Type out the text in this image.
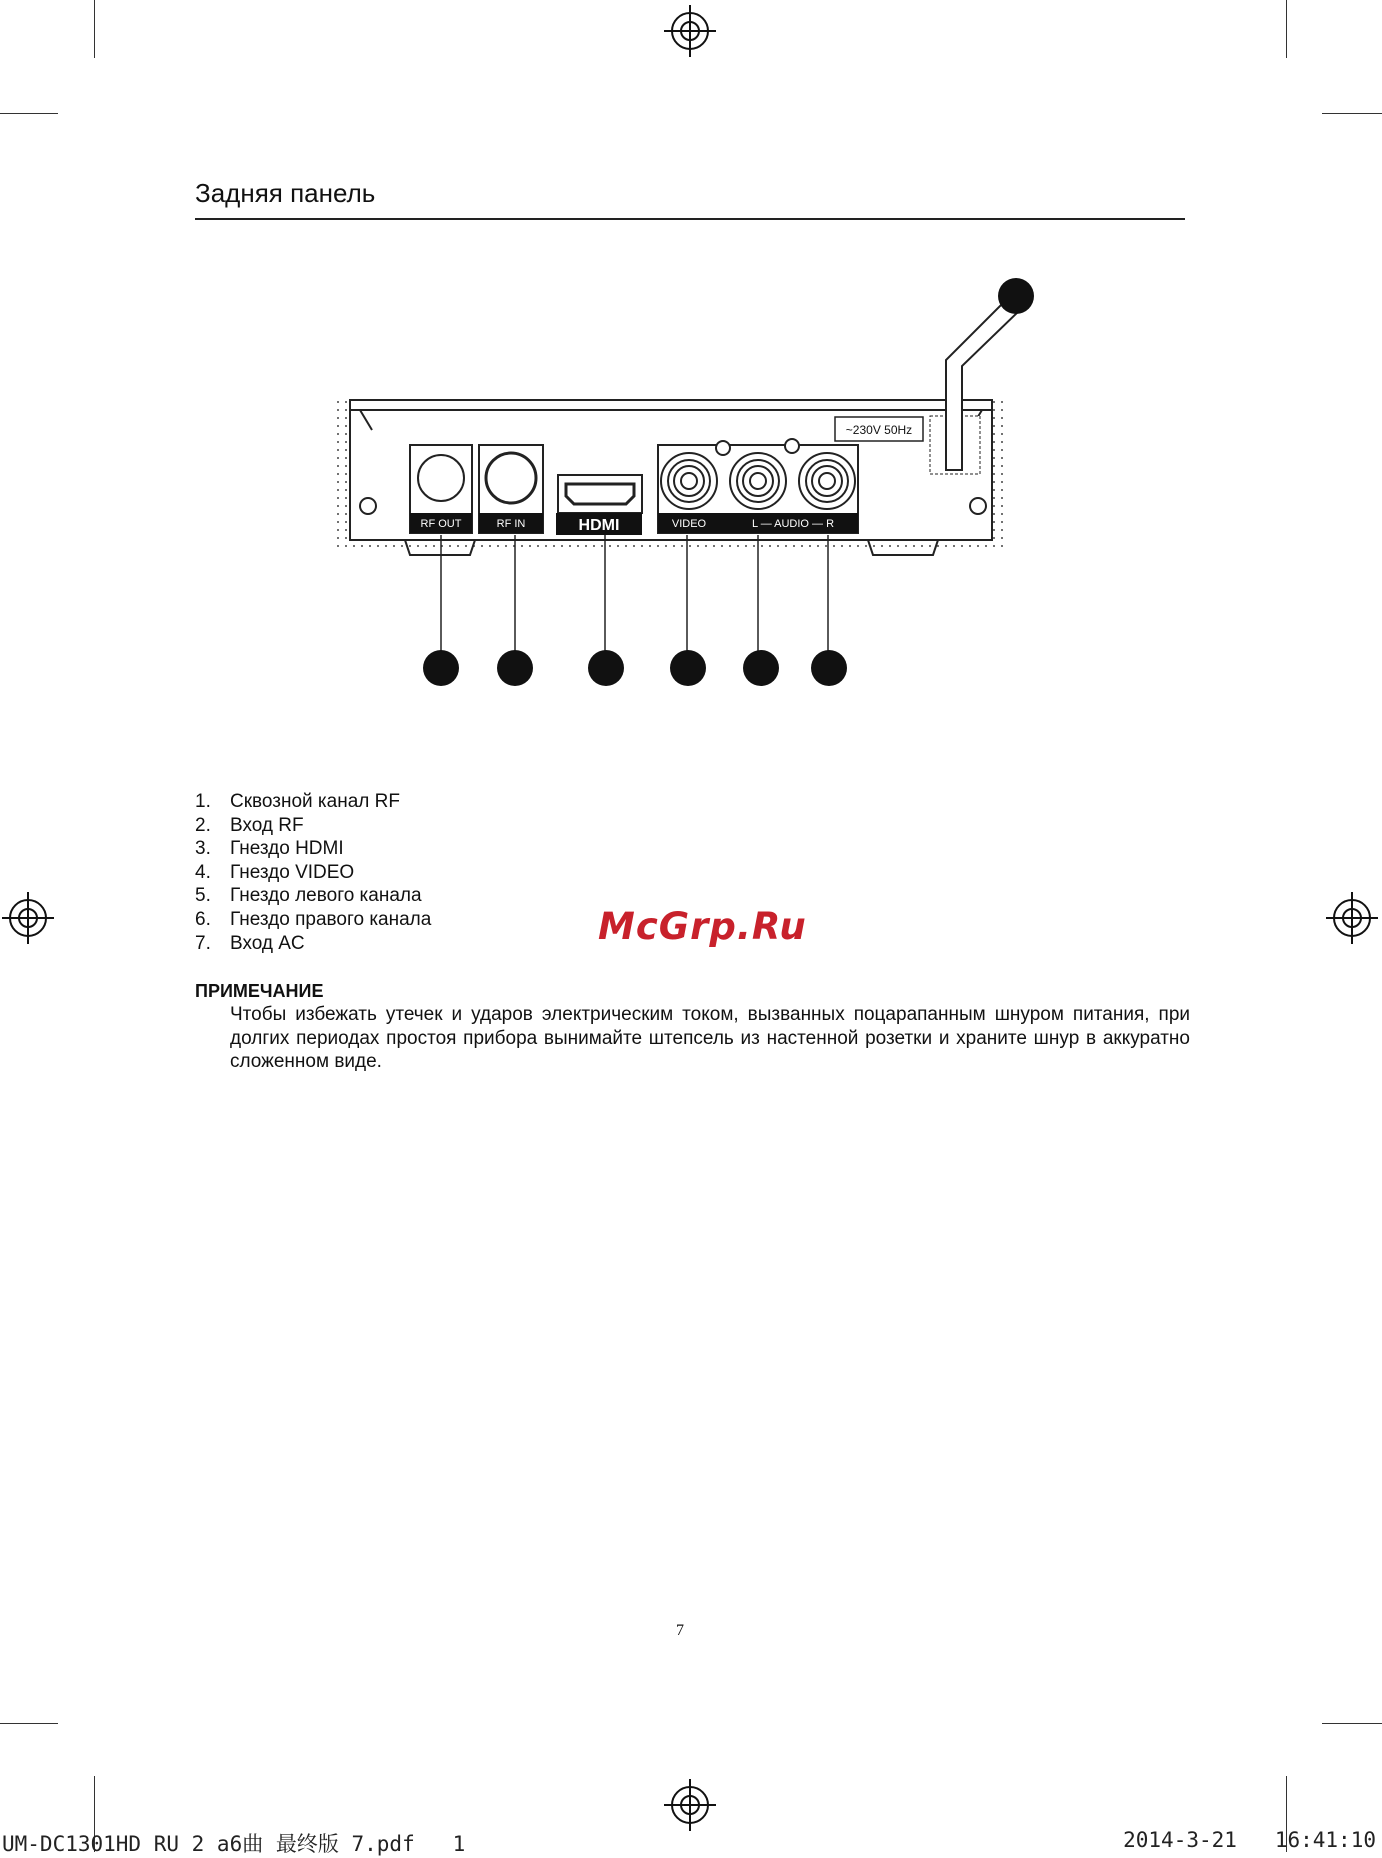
Задняя панель
RF OUT	RF IN	HDMI	VIDEO	L — AUDIO — R
~230V 50Hz
1.	Сквозной канал RF
2.	Вход RF
3.	Гнездо HDMI
4.	Гнездо VIDEO
5.	Гнездо левого канала
6.	Гнездо правого канала
7.	Вход AC	McGrp.Ru
ПРИМЕЧАНИЕ
Чтобы избежать утечек и ударов электрическим током, вызванных поцарапанным шнуром питания, при долгих периодах простоя прибора вынимайте штепсель из настенной розетки и храните шнур в аккуратно сложенном виде.
7
UM-DC1301HD RU 2 a6曲 最终版 7.pdf   1	2014-3-21   16:41:10
